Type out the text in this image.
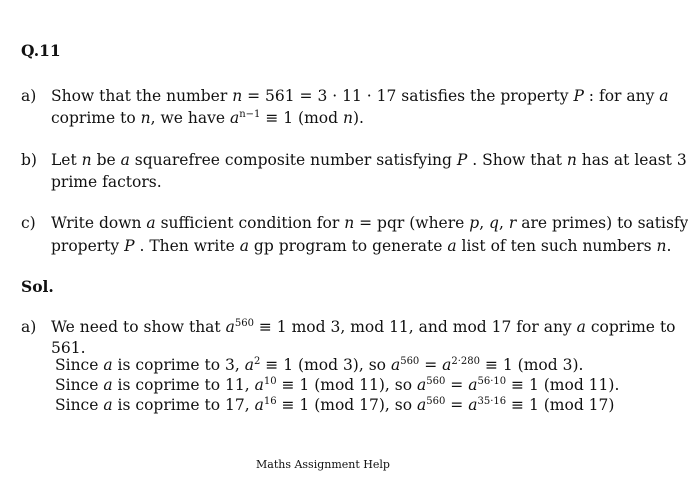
Q.11
a) Show that the number n = 561 = 3 · 11 · 17 satisfies the property P : for any a
coprime to n, we have $a^{n-1} \equiv 1$ (mod n).
b) Let n be a squarefree composite number satisfying P . Show that n has at least 3
prime factors.
c) Write down a sufficient condition for n = pqr (where p, q, r are primes) to satisfy
property P . Then write a gp program to generate a list of ten such numbers n.
Sol.
a) We need to show that $a^{560} \equiv 1$ mod 3, mod 11, and mod 17 for any a coprime to
561.
Since a is coprime to 3, $a^2 \equiv 1$ (mod 3), so $a^{560} = a^{2\cdot 280} \equiv 1$ (mod 3).
Since a is coprime to 11, $a^{10} \equiv 1$ (mod 11), so $a^{560} = a^{56\cdot 10} \equiv 1$ (mod 11).
Since a is coprime to 17, $a^{16} \equiv 1$ (mod 17), so $a^{560} = a^{35\cdot 16} \equiv 1$ (mod 17)
Maths Assignment Help
